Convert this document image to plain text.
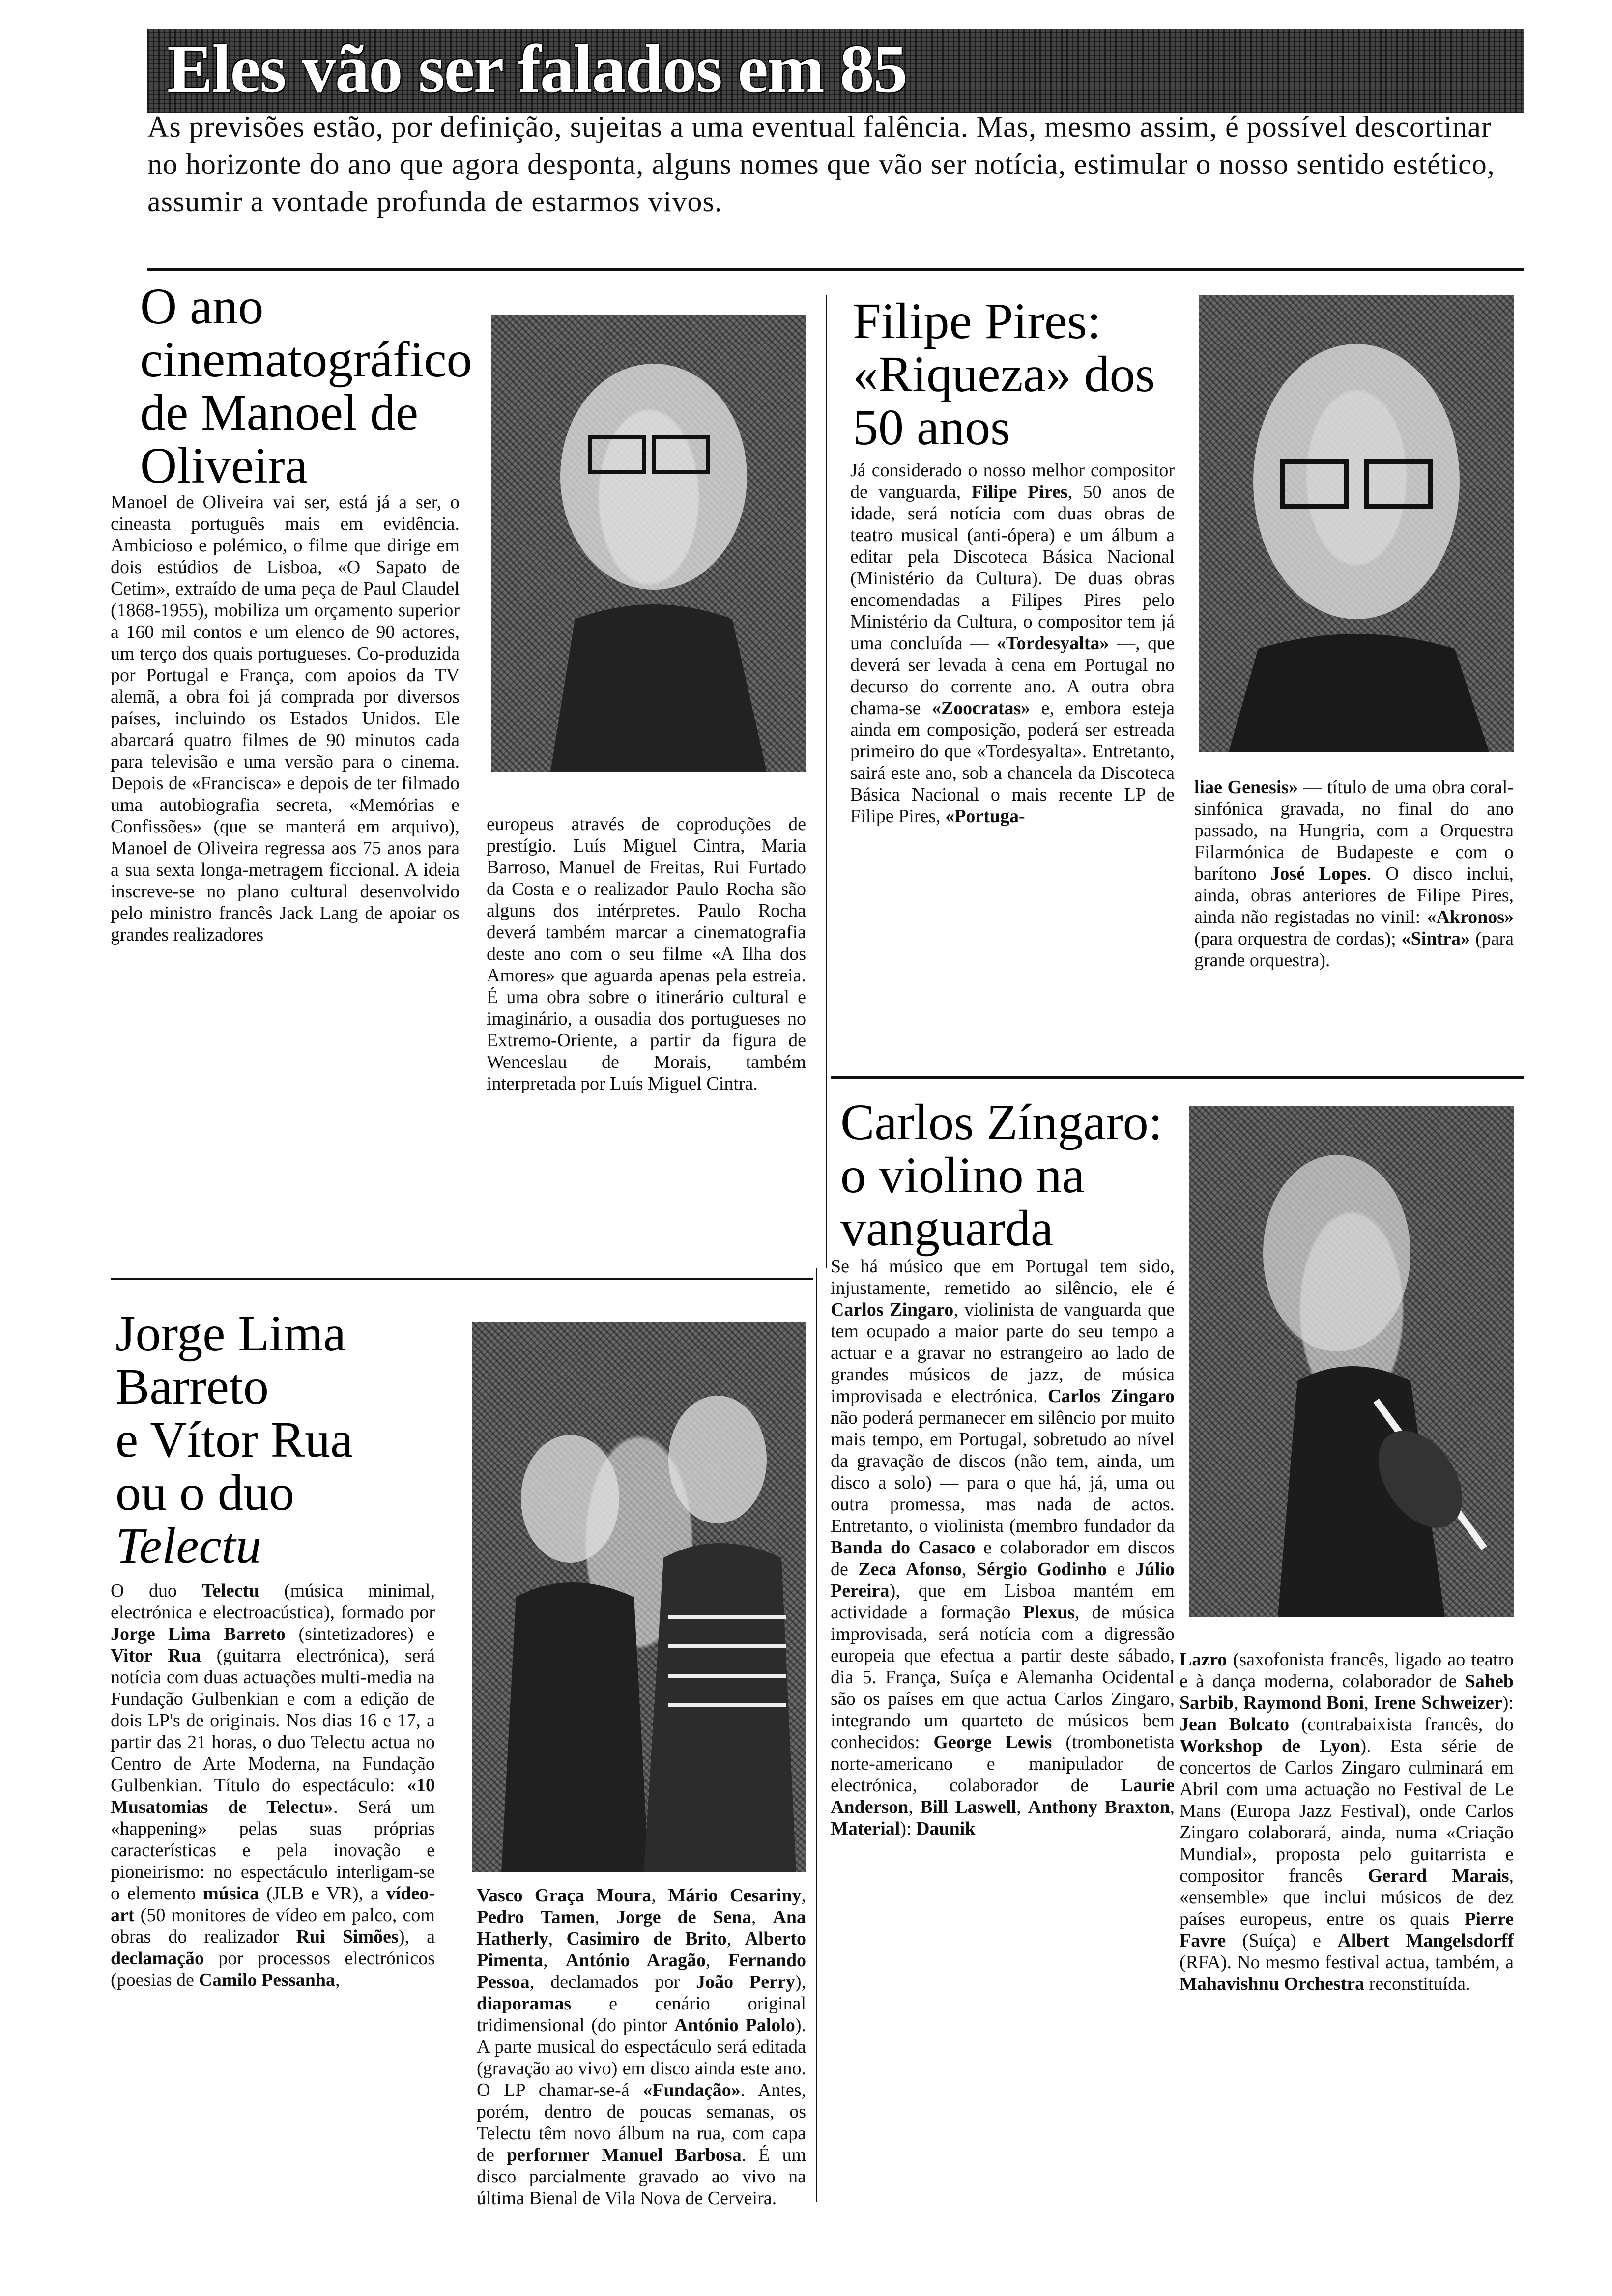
Eles vão ser falados em 85
As previsões estão, por definição, sujeitas a uma eventual falência. Mas, mesmo assim, é possível descortinar no horizonte do ano que agora desponta, alguns nomes que vão ser notícia, estimular o nosso sentido estético, assumir a vontade profunda de estarmos vivos.
O ano cinematográfico de Manoel de Oliveira
Manoel de Oliveira vai ser, está já a ser, o cineasta português mais em evidência. Ambicioso e polémico, o filme que dirige em dois estúdios de Lisboa, «O Sapato de Cetim», extraído de uma peça de Paul Claudel (1868-1955), mobiliza um orçamento superior a 160 mil contos e um elenco de 90 actores, um terço dos quais portugueses. Co-produzida por Portugal e França, com apoios da TV alemã, a obra foi já comprada por diversos países, incluindo os Estados Unidos. Ele abarcará quatro filmes de 90 minutos cada para televisão e uma versão para o cinema. Depois de «Francisca» e depois de ter filmado uma autobiografia secreta, «Memórias e Confissões» (que se manterá em arquivo), Manoel de Oliveira regressa aos 75 anos para a sua sexta longa-metragem ficcional. A ideia inscreve-se no plano cultural desenvolvido pelo ministro francês Jack Lang de apoiar os grandes realizadores
europeus através de coproduções de prestígio. Luís Miguel Cintra, Maria Barroso, Manuel de Freitas, Rui Furtado da Costa e o realizador Paulo Rocha são alguns dos intérpretes. Paulo Rocha deverá também marcar a cinematografia deste ano com o seu filme «A Ilha dos Amores» que aguarda apenas pela estreia. É uma obra sobre o itinerário cultural e imaginário, a ousadia dos portugueses no Extremo-Oriente, a partir da figura de Wenceslau de Morais, também interpretada por Luís Miguel Cintra.
Filipe Pires: «Riqueza» dos 50 anos
Já considerado o nosso melhor compositor de vanguarda, Filipe Pires, 50 anos de idade, será notícia com duas obras de teatro musical (anti-ópera) e um álbum a editar pela Discoteca Básica Nacional (Ministério da Cultura). De duas obras encomendadas a Filipes Pires pelo Ministério da Cultura, o compositor tem já uma concluída — «Tordesyalta» —, que deverá ser levada à cena em Portugal no decurso do corrente ano. A outra obra chama-se «Zoocratas» e, embora esteja ainda em composição, poderá ser estreada primeiro do que «Tordesyalta». Entretanto, sairá este ano, sob a chancela da Discoteca Básica Nacional o mais recente LP de Filipe Pires, «Portuga-
liae Genesis» — título de uma obra coral-sinfónica gravada, no final do ano passado, na Hungria, com a Orquestra Filarmónica de Budapeste e com o barítono José Lopes. O disco inclui, ainda, obras anteriores de Filipe Pires, ainda não registadas no vinil: «Akronos» (para orquestra de cordas); «Sintra» (para grande orquestra).
Carlos Zíngaro: o violino na vanguarda
Se há músico que em Portugal tem sido, injustamente, remetido ao silêncio, ele é Carlos Zingaro, violinista de vanguarda que tem ocupado a maior parte do seu tempo a actuar e a gravar no estrangeiro ao lado de grandes músicos de jazz, de música improvisada e electrónica. Carlos Zingaro não poderá permanecer em silêncio por muito mais tempo, em Portugal, sobretudo ao nível da gravação de discos (não tem, ainda, um disco a solo) — para o que há, já, uma ou outra promessa, mas nada de actos. Entretanto, o violinista (membro fundador da Banda do Casaco e colaborador em discos de Zeca Afonso, Sérgio Godinho e Júlio Pereira), que em Lisboa mantém em actividade a formação Plexus, de música improvisada, será notícia com a digressão europeia que efectua a partir deste sábado, dia 5. França, Suíça e Alemanha Ocidental são os países em que actua Carlos Zingaro, integrando um quarteto de músicos bem conhecidos: George Lewis (trombonetista norte-americano e manipulador de electrónica, colaborador de Laurie Anderson, Bill Laswell, Anthony Braxton, Material): Daunik
Lazro (saxofonista francês, ligado ao teatro e à dança moderna, colaborador de Saheb Sarbib, Raymond Boni, Irene Schweizer): Jean Bolcato (contrabaixista francês, do Workshop de Lyon). Esta série de concertos de Carlos Zingaro culminará em Abril com uma actuação no Festival de Le Mans (Europa Jazz Festival), onde Carlos Zingaro colaborará, ainda, numa «Criação Mundial», proposta pelo guitarrista e compositor francês Gerard Marais, «ensemble» que inclui músicos de dez países europeus, entre os quais Pierre Favre (Suíça) e Albert Mangelsdorff (RFA). No mesmo festival actua, também, a Mahavishnu Orchestra reconstituída.
Jorge Lima
Barreto
e Vítor Rua
ou o duo
Telectu
O duo Telectu (música minimal, electrónica e electroacústica), formado por Jorge Lima Barreto (sintetizadores) e Vitor Rua (guitarra electrónica), será notícia com duas actuações multi-media na Fundação Gulbenkian e com a edição de dois LP's de originais. Nos dias 16 e 17, a partir das 21 horas, o duo Telectu actua no Centro de Arte Moderna, na Fundação Gulbenkian. Título do espectáculo: «10 Musatomias de Telectu». Será um «happening» pelas suas próprias características e pela inovação e pioneirismo: no espectáculo interligam-se o elemento música (JLB e VR), a vídeo-art (50 monitores de vídeo em palco, com obras do realizador Rui Simões), a declamação por processos electrónicos (poesias de Camilo Pessanha,
Vasco Graça Moura, Mário Cesariny, Pedro Tamen, Jorge de Sena, Ana Hatherly, Casimiro de Brito, Alberto Pimenta, António Aragão, Fernando Pessoa, declamados por João Perry), diaporamas e cenário original tridimensional (do pintor António Palolo). A parte musical do espectáculo será editada (gravação ao vivo) em disco ainda este ano. O LP chamar-se-á «Fundação». Antes, porém, dentro de poucas semanas, os Telectu têm novo álbum na rua, com capa de performer Manuel Barbosa. É um disco parcialmente gravado ao vivo na última Bienal de Vila Nova de Cerveira.
